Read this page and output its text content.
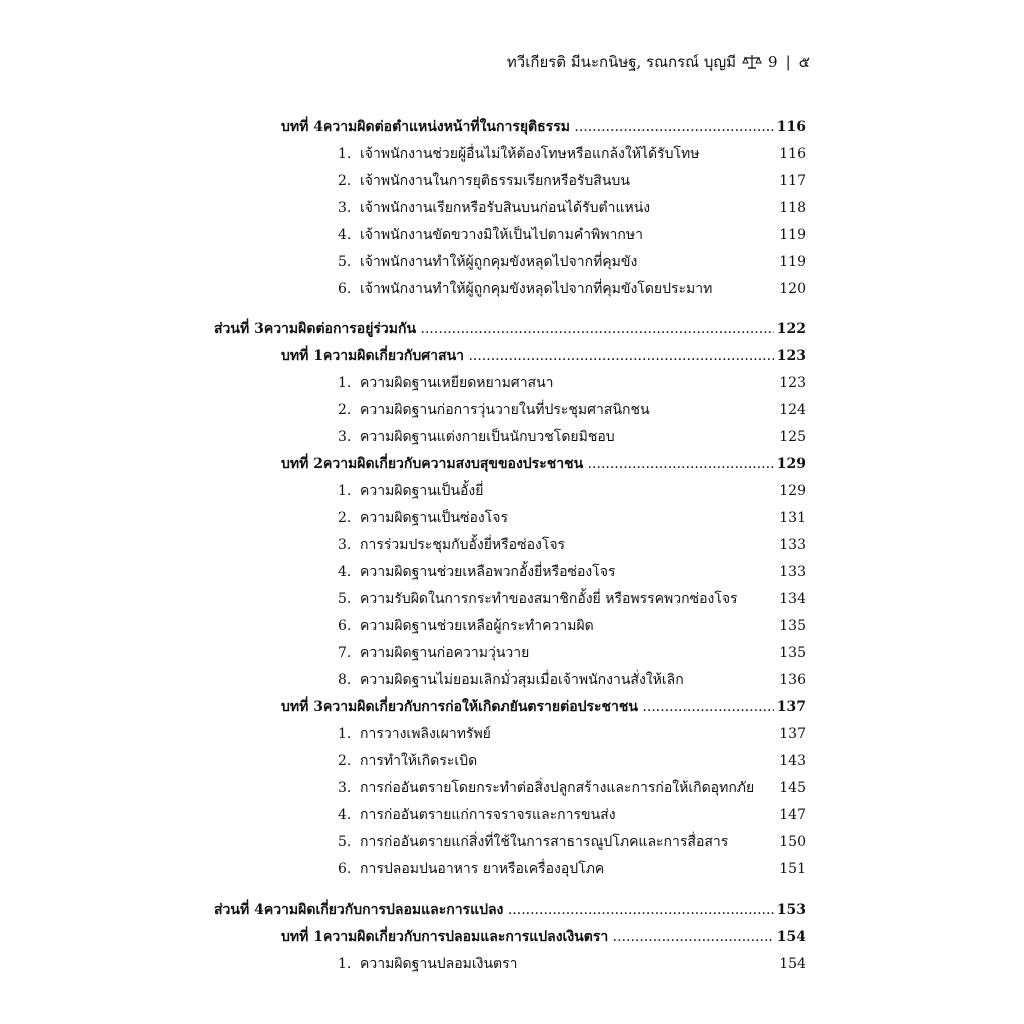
ทวีเกียรติ มีนะกนิษฐ, รณกรณ์ บุญมี 9 | ๕
บทที่ 4 ความผิดต่อตำแหน่งหน้าที่ในการยุติธรรม .....	116
1. เจ้าพนักงานช่วยผู้อื่นไม่ให้ต้องโทษหรือแกล้งให้ได้รับโทษ	116
2. เจ้าพนักงานในการยุติธรรมเรียกหรือรับสินบน	117
3. เจ้าพนักงานเรียกหรือรับสินบนก่อนได้รับตำแหน่ง	118
4. เจ้าพนักงานขัดขวางมิให้เป็นไปตามคำพิพากษา	119
5. เจ้าพนักงานทำให้ผู้ถูกคุมขังหลุดไปจากที่คุมขัง	119
6. เจ้าพนักงานทำให้ผู้ถูกคุมขังหลุดไปจากที่คุมขังโดยประมาท	120
ส่วนที่ 3 ความผิดต่อการอยู่ร่วมกัน .....	122
บทที่ 1 ความผิดเกี่ยวกับศาสนา .....	123
1. ความผิดฐานเหยียดหยามศาสนา	123
2. ความผิดฐานก่อการวุ่นวายในที่ประชุมศาสนิกชน	124
3. ความผิดฐานแต่งกายเป็นนักบวชโดยมิชอบ	125
บทที่ 2 ความผิดเกี่ยวกับความสงบสุขของประชาชน .....	129
1. ความผิดฐานเป็นอั้งยี่	129
2. ความผิดฐานเป็นซ่องโจร	131
3. การร่วมประชุมกับอั้งยี่หรือซ่องโจร	133
4. ความผิดฐานช่วยเหลือพวกอั้งยี่หรือซ่องโจร	133
5. ความรับผิดในการกระทำของสมาชิกอั้งยี่ หรือพรรคพวกซ่องโจร	134
6. ความผิดฐานช่วยเหลือผู้กระทำความผิด	135
7. ความผิดฐานก่อความวุ่นวาย	135
8. ความผิดฐานไม่ยอมเลิกมั่วสุมเมื่อเจ้าพนักงานสั่งให้เลิก	136
บทที่ 3 ความผิดเกี่ยวกับการก่อให้เกิดภยันตรายต่อประชาชน .....	137
1. การวางเพลิงเผาทรัพย์	137
2. การทำให้เกิดระเบิด	143
3. การก่ออันตรายโดยกระทำต่อสิ่งปลูกสร้างและการก่อให้เกิดอุทกภัย	145
4. การก่ออันตรายแก่การจราจรและการขนส่ง	147
5. การก่ออันตรายแก่สิ่งที่ใช้ในการสาธารณูปโภคและการสื่อสาร	150
6. การปลอมปนอาหาร ยาหรือเครื่องอุปโภค	151
ส่วนที่ 4 ความผิดเกี่ยวกับการปลอมและการแปลง .....	153
บทที่ 1 ความผิดเกี่ยวกับการปลอมและการแปลงเงินตรา .....	154
1. ความผิดฐานปลอมเงินตรา	154
